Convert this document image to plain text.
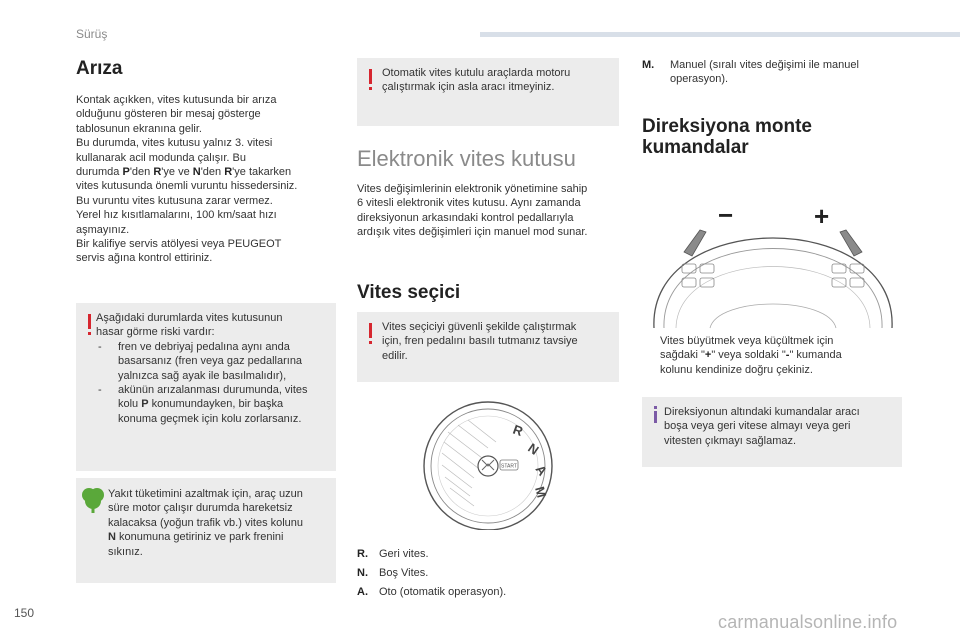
Sürüş
Arıza
Kontak açıkken, vites kutusunda bir arıza
olduğunu gösteren bir mesaj gösterge
tablosunun ekranına gelir.
Bu durumda, vites kutusu yalnız 3. vitesi
kullanarak acil modunda çalışır. Bu
durumda P'den R'ye ve N'den R'ye takarken
vites kutusunda önemli vuruntu hissedersiniz.
Bu vuruntu vites kutusuna zarar vermez.
Yerel hız kısıtlamalarını, 100 km/saat hızı
aşmayınız.
Bir kalifiye servis atölyesi veya PEUGEOT
servis ağına kontrol ettiriniz.
Aşağıdaki durumlarda vites kutusunun
hasar görme riski vardır:
- fren ve debriyaj pedalına aynı anda
basarsanız (fren veya gaz pedallarına
yalnızca sağ ayak ile basılmalıdır),
- akünün arızalanması durumunda, vites
kolu P konumundayken, bir başka
konuma geçmek için kolu zorlarsanız.
Yakıt tüketimini azaltmak için, araç uzun
süre motor çalışır durumda hareketsiz
kalacaksa (yoğun trafik vb.) vites kolunu
N konumuna getiriniz ve park frenini
sıkınız.
Otomatik vites kutulu araçlarda motoru
çalıştırmak için asla aracı itmeyiniz.
Elektronik vites kutusu
Vites değişimlerinin elektronik yönetimine sahip
6 vitesli elektronik vites kutusu. Aynı zamanda
direksiyonun arkasındaki kontrol pedallarıyla
ardışık vites değişimleri için manuel mod sunar.
Vites seçici
Vites seçiciyi güvenli şekilde çalıştırmak
için, fren pedalını basılı tutmanız tavsiye
edilir.
START
R
N
A
M
R. Geri vites.
N. Boş Vites.
A. Oto (otomatik operasyon).
M. Manuel (sıralı vites değişimi ile manuel
operasyon).
Direksiyona monte
kumandalar
−	+
Vites büyütmek veya küçültmek için
sağdaki "+" veya soldaki "-" kumanda
kolunu kendinize doğru çekiniz.
Direksiyonun altındaki kumandalar aracı
boşa veya geri vitese almayı veya geri
vitesten çıkmayı sağlamaz.
150	carmanualsonline.info
